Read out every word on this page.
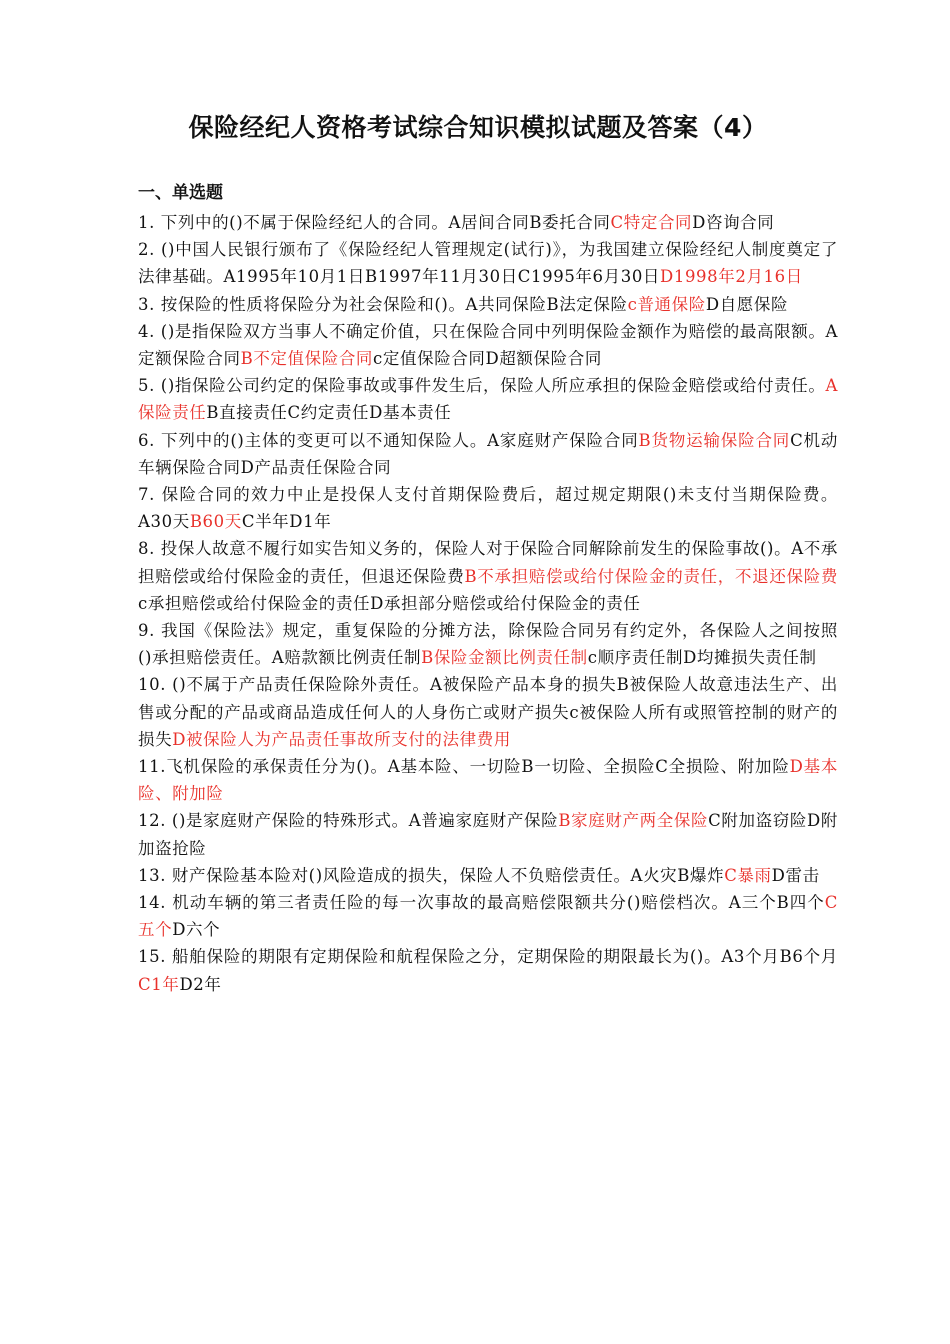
保险经纪人资格考试综合知识模拟试题及答案（4）
一、单选题

1. 下列中的()不属于保险经纪人的合同。A居间合同B委托合同C特定合同D咨询合同

2. ()中国人民银行颁布了《保险经纪人管理规定(试行)》，为我国建立保险经纪人制度奠定了法律基础。A1995年10月1日B1997年11月30日C1995年6月30日D1998年2月16日

3. 按保险的性质将保险分为社会保险和()。A共同保险B法定保险c普通保险D自愿保险

4. ()是指保险双方当事人不确定价值，只在保险合同中列明保险金额作为赔偿的最高限额。A定额保险合同B不定值保险合同c定值保险合同D超额保险合同

5. ()指保险公司约定的保险事故或事件发生后，保险人所应承担的保险金赔偿或给付责任。A保险责任B直接责任C约定责任D基本责任

6. 下列中的()主体的变更可以不通知保险人。A家庭财产保险合同B货物运输保险合同C机动车辆保险合同D产品责任保险合同

7. 保险合同的效力中止是投保人支付首期保险费后，超过规定期限()未支付当期保险费。A30天B60天C半年D1年

8. 投保人故意不履行如实告知义务的，保险人对于保险合同解除前发生的保险事故()。A不承担赔偿或给付保险金的责任，但退还保险费B不承担赔偿或给付保险金的责任，不退还保险费c承担赔偿或给付保险金的责任D承担部分赔偿或给付保险金的责任

9. 我国《保险法》规定，重复保险的分摊方法，除保险合同另有约定外，各保险人之间按照()承担赔偿责任。A赔款额比例责任制B保险金额比例责任制c顺序责任制D均摊损失责任制

10. ()不属于产品责任保险除外责任。A被保险产品本身的损失B被保险人故意违法生产、出售或分配的产品或商品造成任何人的人身伤亡或财产损失c被保险人所有或照管控制的财产的损失D被保险人为产品责任事故所支付的法律费用

11.飞机保险的承保责任分为()。A基本险、一切险B一切险、全损险C全损险、附加险D基本险、附加险

12. ()是家庭财产保险的特殊形式。A普遍家庭财产保险B家庭财产两全保险C附加盗窃险D附加盗抢险

13. 财产保险基本险对()风险造成的损失，保险人不负赔偿责任。A火灾B爆炸C暴雨D雷击

14. 机动车辆的第三者责任险的每一次事故的最高赔偿限额共分()赔偿档次。A三个B四个C五个D六个

15. 船舶保险的期限有定期保险和航程保险之分，定期保险的期限最长为()。A3个月B6个月C1年D2年
